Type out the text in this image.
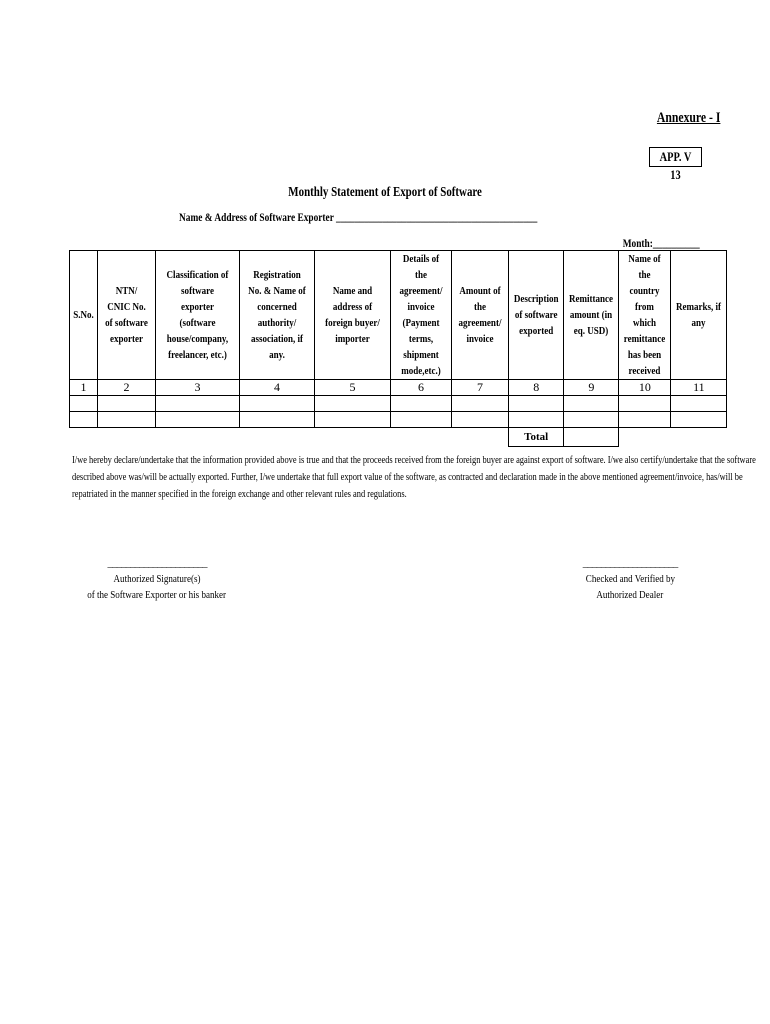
Annexure - I
APP. V 13
Monthly Statement of Export of Software
Name & Address of Software Exporter ___________________________________________
Month:__________
S.No.	NTN/ CNIC No. of software exporter	Classification of software exporter (software house/company, freelancer, etc.)	Registration No. & Name of concerned authority/ association, if any.	Name and address of foreign buyer/ importer	Details of the agreement/ invoice (Payment terms, shipment mode,etc.)	Amount of the agreement/ invoice	Description of software exported	Remittance amount (in eq. USD)	Name of the country from which remittance has been received	Remarks, if any
1	2	3	4	5	6	7	8	9	10	11

							Total			
I/we hereby declare/undertake that the information provided above is true and that the proceeds received from the foreign buyer are against export of software. I/we also certify/undertake that the software described above was/will be actually exported. Further, I/we undertake that full export value of the software, as contracted and declaration made in the above mentioned agreement/invoice, has/will be repatriated in the manner specified in the foreign exchange and other relevant rules and regulations.
______________________
Authorized Signature(s)
of the Software Exporter or his banker
_____________________
Checked and Verified by
Authorized Dealer
